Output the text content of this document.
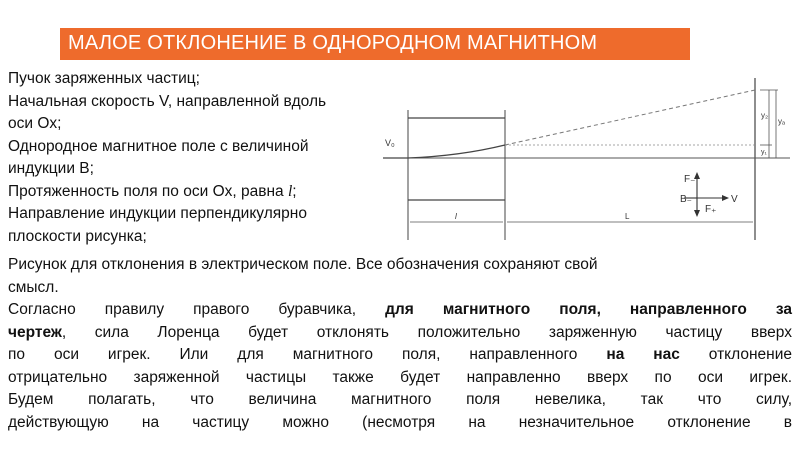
МАЛОЕ ОТКЛОНЕНИЕ В ОДНОРОДНОМ МАГНИТНОМ
Пучок заряженных частиц;
Начальная скорость V, направленной вдоль
оси Ox;
Однородное магнитное поле с величиной
индукции B;
Протяженность поля по оси Ox, равна l;
Направление индукции перпендикулярно
плоскости рисунка;
V₀
l	L
y₂
yₐ
y₁
F₋
F₊
B₋	V
Рисунок для отклонения в электрическом поле. Все обозначения сохраняют свой
смысл.
Согласно правилу правого буравчика, для магнитного поля, направленного за
чертеж, сила Лоренца будет отклонять положительно заряженную частицу вверх
по оси игрек. Или для магнитного поля, направленного на нас отклонение
отрицательно заряженной частицы также будет направленно вверх по оси игрек.
Будем полагать, что величина магнитного поля невелика, так что силу,
действующую на частицу можно (несмотря на незначительное отклонение в
